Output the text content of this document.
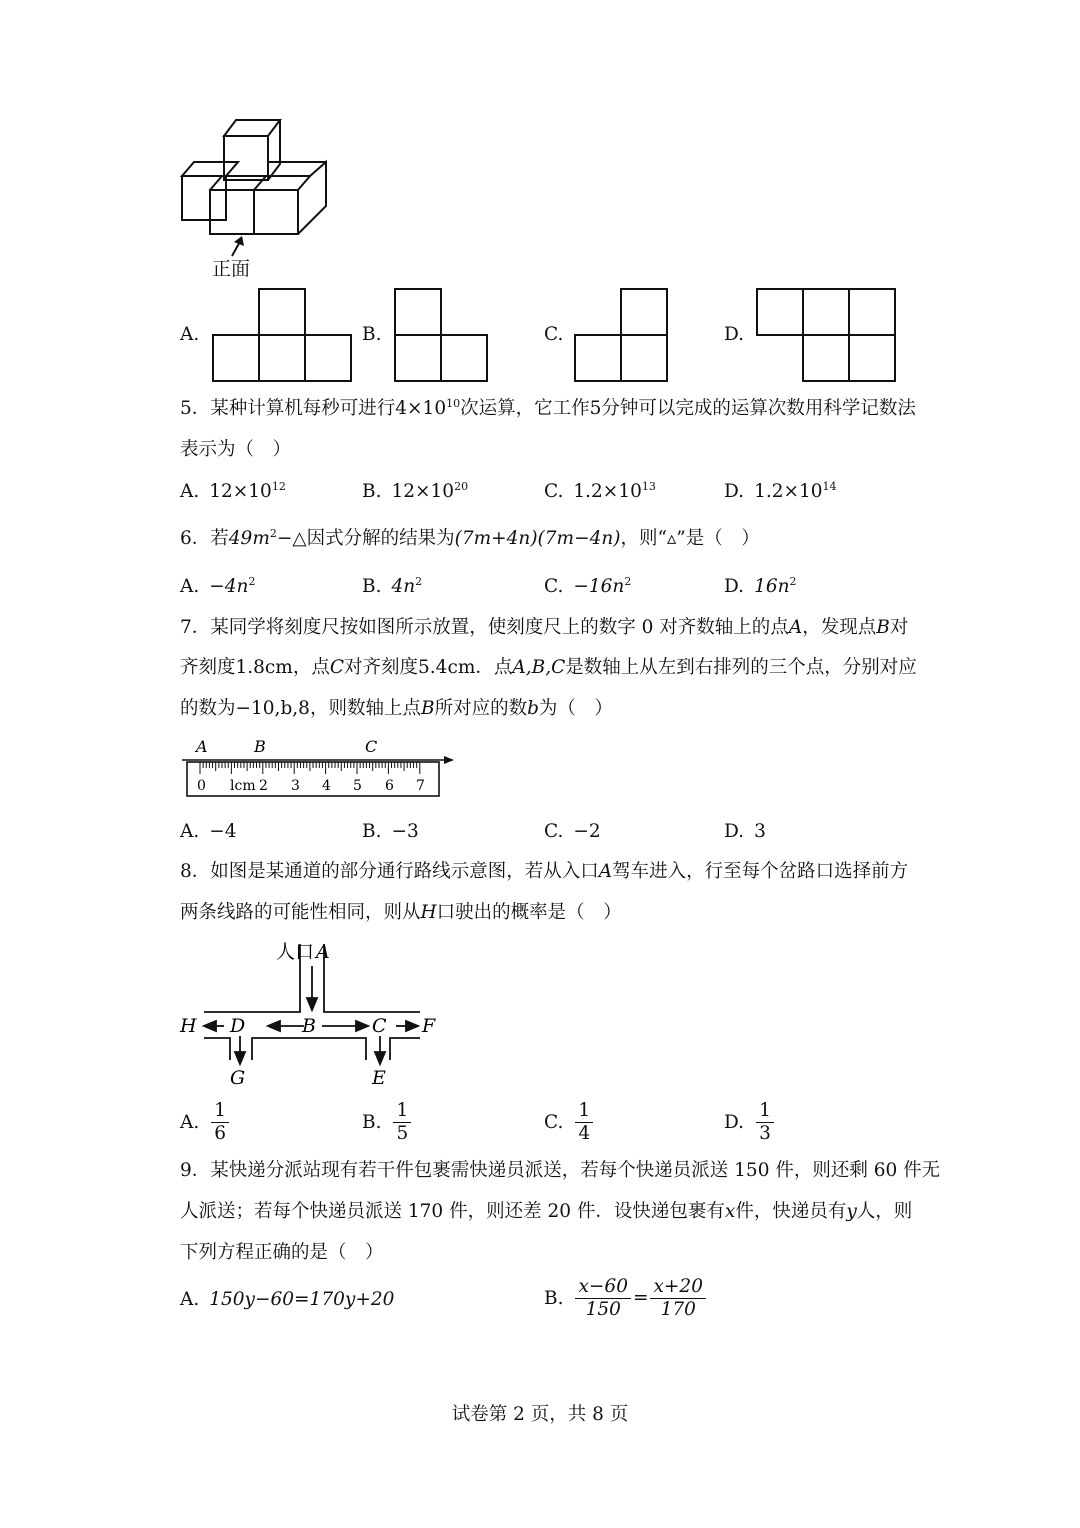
正面
A.	B.	C.	D.
5．某种计算机每秒可进行$4\times 10^{10}$次运算，它工作5分钟可以完成的运算次数用科学记数法
表示为（　）
A. $12\times 10^{12}$	B. $12\times 10^{20}$	C. $1.2\times 10^{13}$	D. $1.2\times 10^{14}$
6．若$49m^2-\triangle$因式分解的结果为(7m+4n)(7m−4n)，则“▵”是（　）
A. $-4n^2$	B. $4n^2$	C. $-16n^2$	D. $16n^2$
7．某同学将刻度尺按如图所示放置，使刻度尺上的数字 0 对齐数轴上的点A，发现点B对
齐刻度1.8cm，点C对齐刻度5.4cm．点A,B,C是数轴上从左到右排列的三个点，分别对应
的数为−10,b,8，则数轴上点B所对应的数b为（　）
A	B	C
0 lcm 2 3 4 5 6 7
A. −4	B. −3	C. −2	D. 3
8．如图是某通道的部分通行路线示意图，若从入口A驾车进入，行至每个岔路口选择前方
两条线路的可能性相同，则从H口驶出的概率是（　）
人口 A
H D	B	C F
G	E
A. $\frac{1}{6}$	B. $\frac{1}{5}$	C. $\frac{1}{4}$	D. $\frac{1}{3}$
9．某快递分派站现有若干件包裹需快递员派送，若每个快递员派送 150 件，则还剩 60 件无
人派送；若每个快递员派送 170 件，则还差 20 件．设快递包裹有x件，快递员有y人，则
下列方程正确的是（　）
A. 150y−60=170y+20	B. $\frac{x-60}{150} = \frac{x+20}{170}$
试卷第 2 页，共 8 页
